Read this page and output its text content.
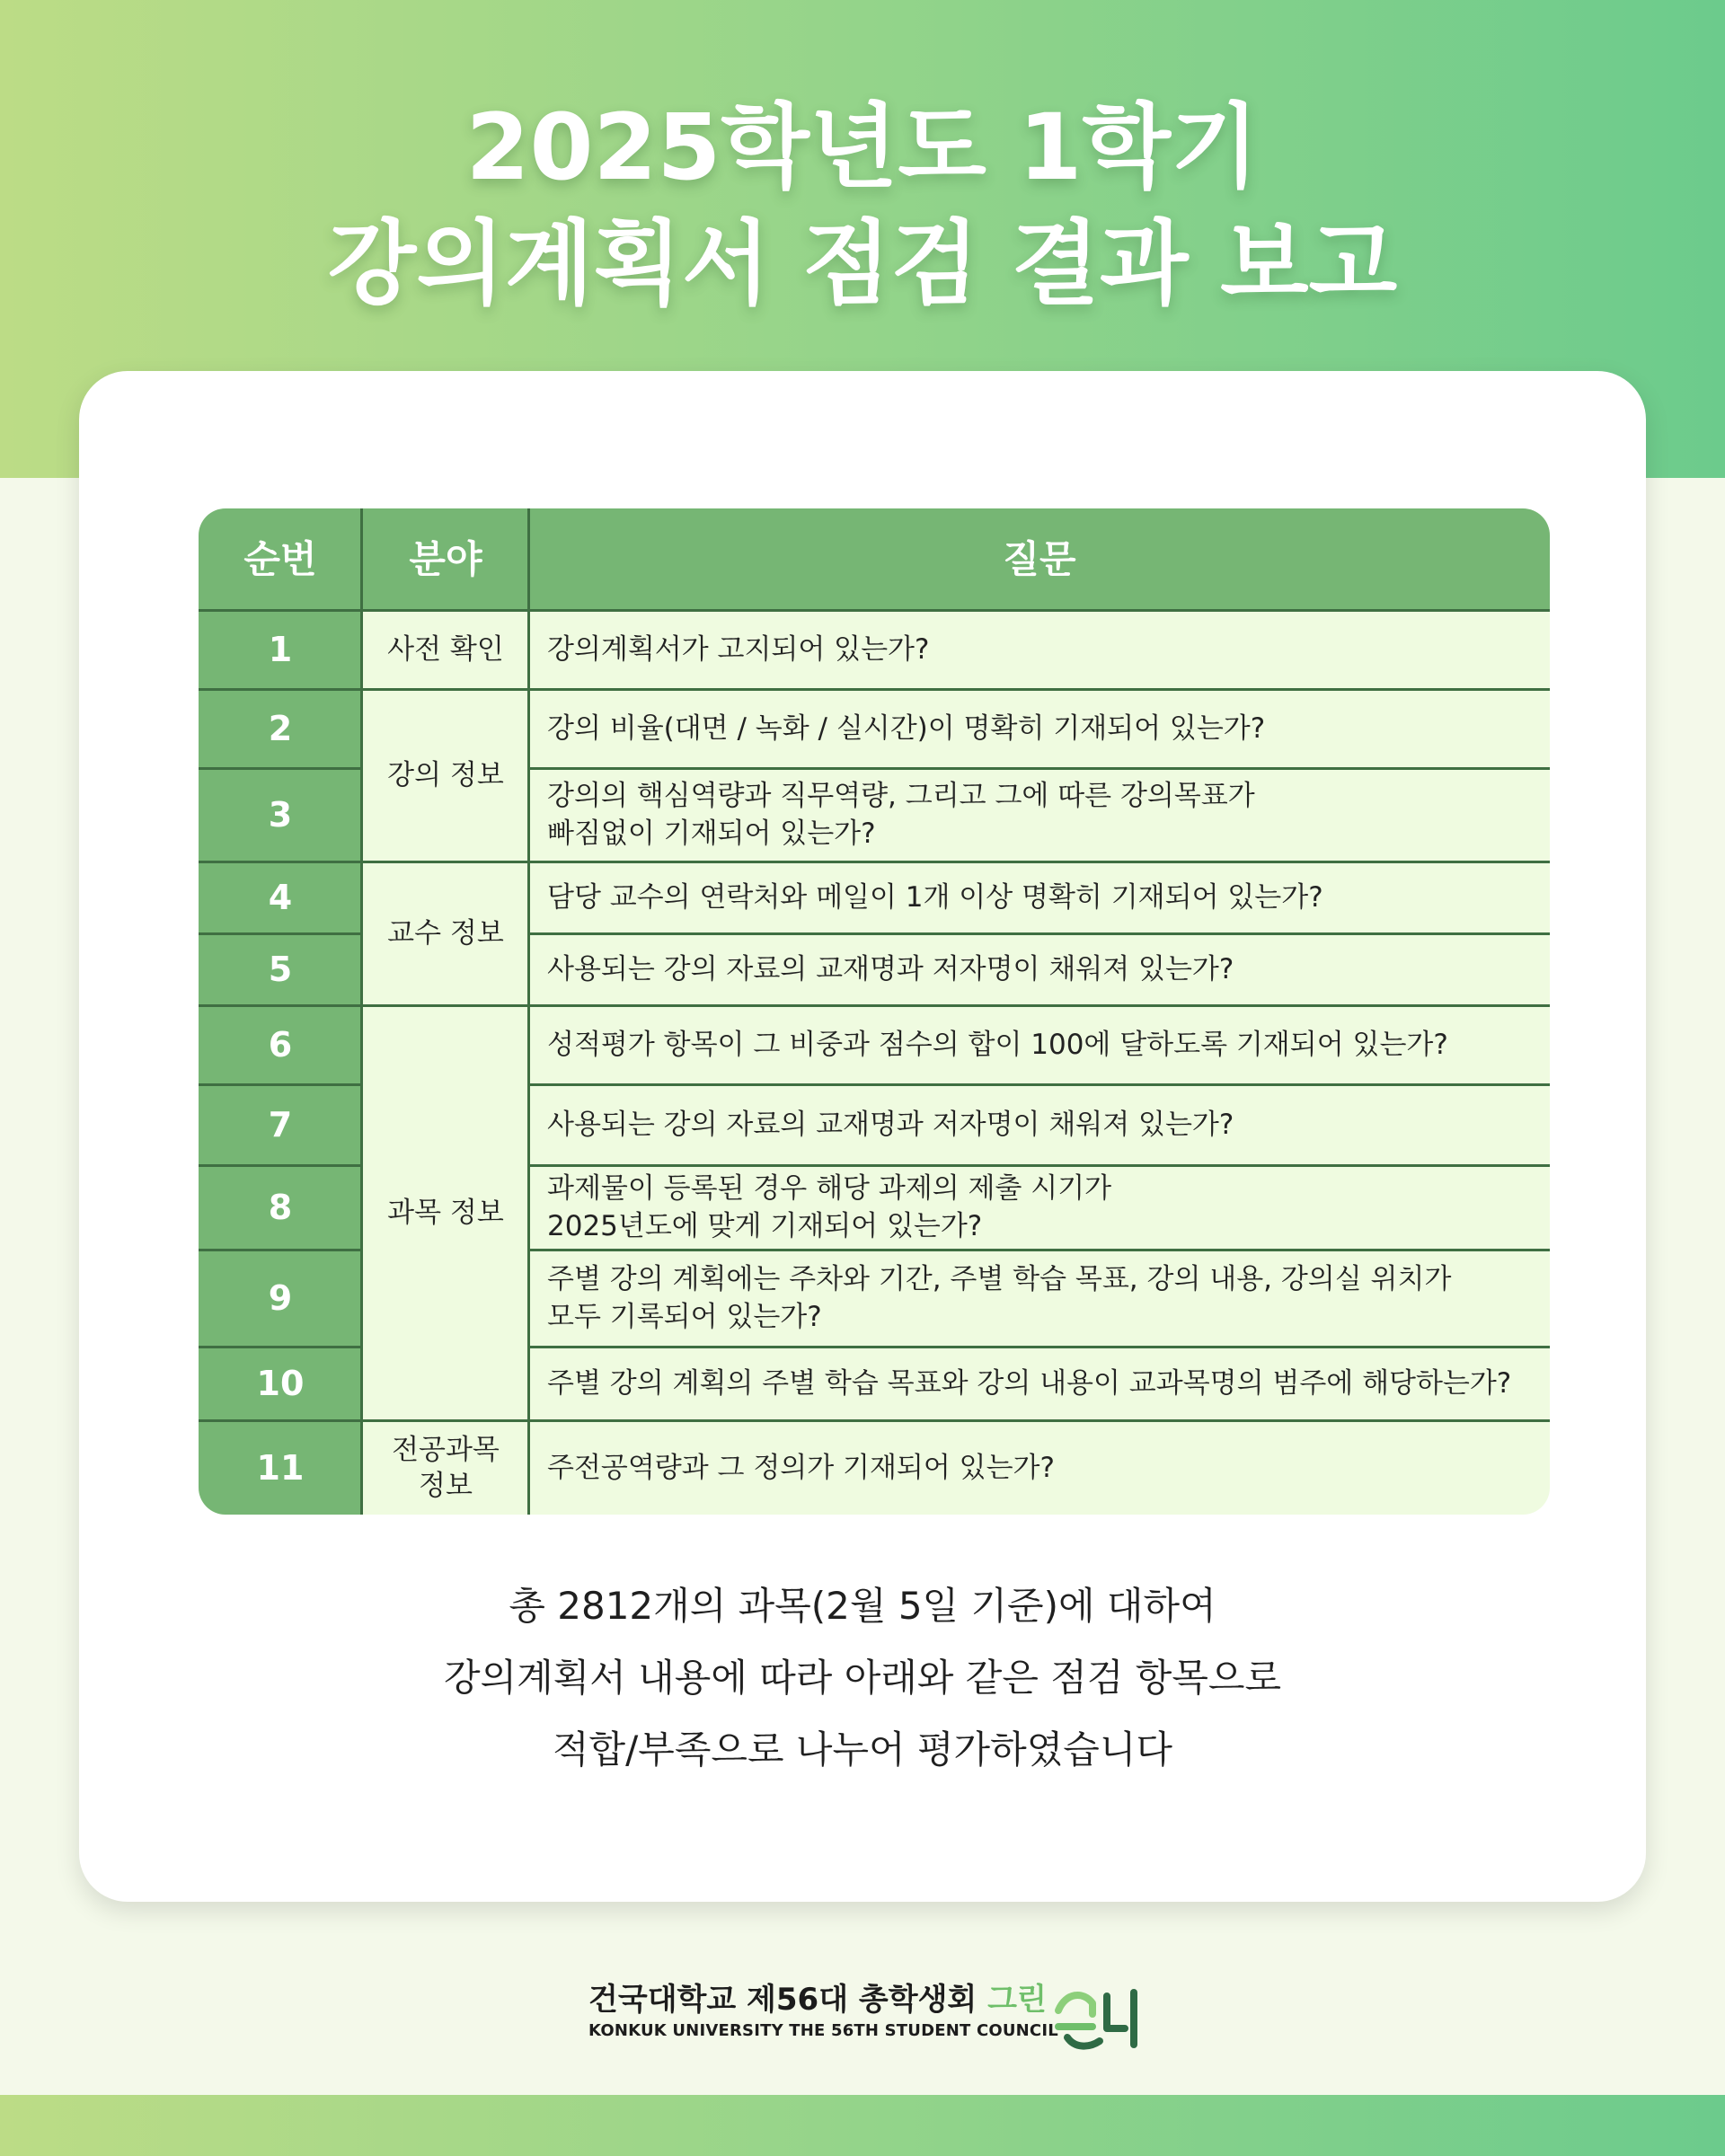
2025학년도 1학기
강의계획서 점검 결과 보고
순번	분야	질문
1
2
3
4
5
6
7
8
9
10
11
사전 확인
강의 정보
교수 정보
과목 정보
전공과목
정보
강의계획서가 고지되어 있는가?
강의 비율(대면 / 녹화 / 실시간)이 명확히 기재되어 있는가?
강의의 핵심역량과 직무역량, 그리고 그에 따른 강의목표가
빠짐없이 기재되어 있는가?
담당 교수의 연락처와 메일이 1개 이상 명확히 기재되어 있는가?
사용되는 강의 자료의 교재명과 저자명이 채워져 있는가?
성적평가 항목이 그 비중과 점수의 합이 100에 달하도록 기재되어 있는가?
사용되는 강의 자료의 교재명과 저자명이 채워져 있는가?
과제물이 등록된 경우 해당 과제의 제출 시기가
2025년도에 맞게 기재되어 있는가?
주별 강의 계획에는 주차와 기간, 주별 학습 목표, 강의 내용, 강의실 위치가
모두 기록되어 있는가?
주별 강의 계획의 주별 학습 목표와 강의 내용이 교과목명의 범주에 해당하는가?
주전공역량과 그 정의가 기재되어 있는가?
총 2812개의 과목(2월 5일 기준)에 대하여
강의계획서 내용에 따라 아래와 같은 점검 항목으로
적합/부족으로 나누어 평가하였습니다
건국대학교 제56대 총학생회 그린
KONKUK UNIVERSITY THE 56TH STUDENT COUNCIL
